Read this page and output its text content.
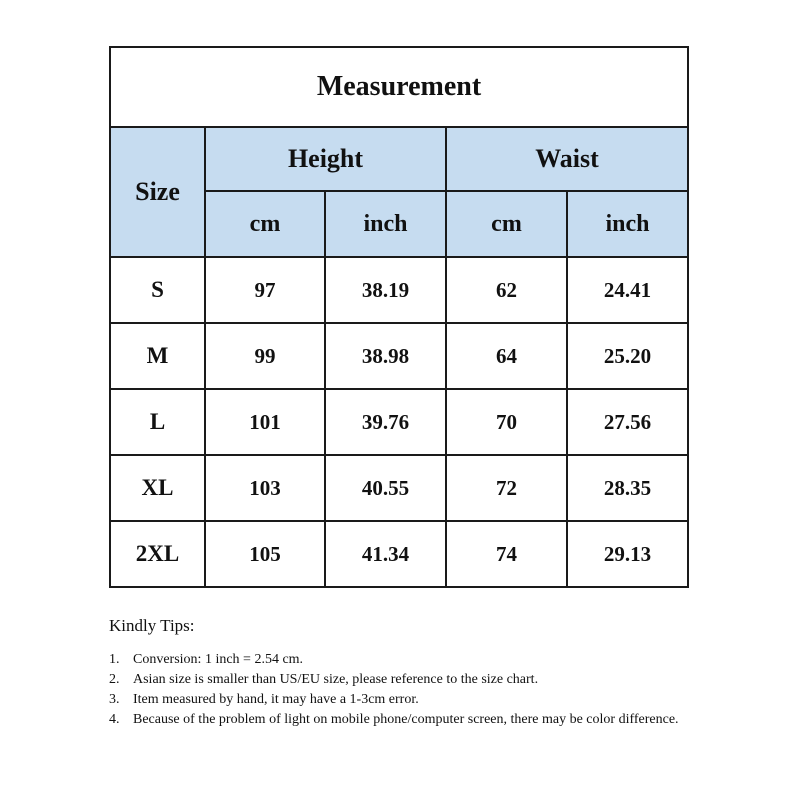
Measurement				
Size	Height		Waist	
	cm	inch	cm	inch
S	97	38.19	62	24.41
M	99	38.98	64	25.20
L	101	39.76	70	27.56
XL	103	40.55	72	28.35
2XL	105	41.34	74	29.13
Kindly Tips:
1. Conversion: 1 inch = 2.54 cm.
2. Asian size is smaller than US/EU size, please reference to the size chart.
3. Item measured by hand, it may have a 1-3cm error.
4. Because of the problem of light on mobile phone/computer screen, there may be color difference.
